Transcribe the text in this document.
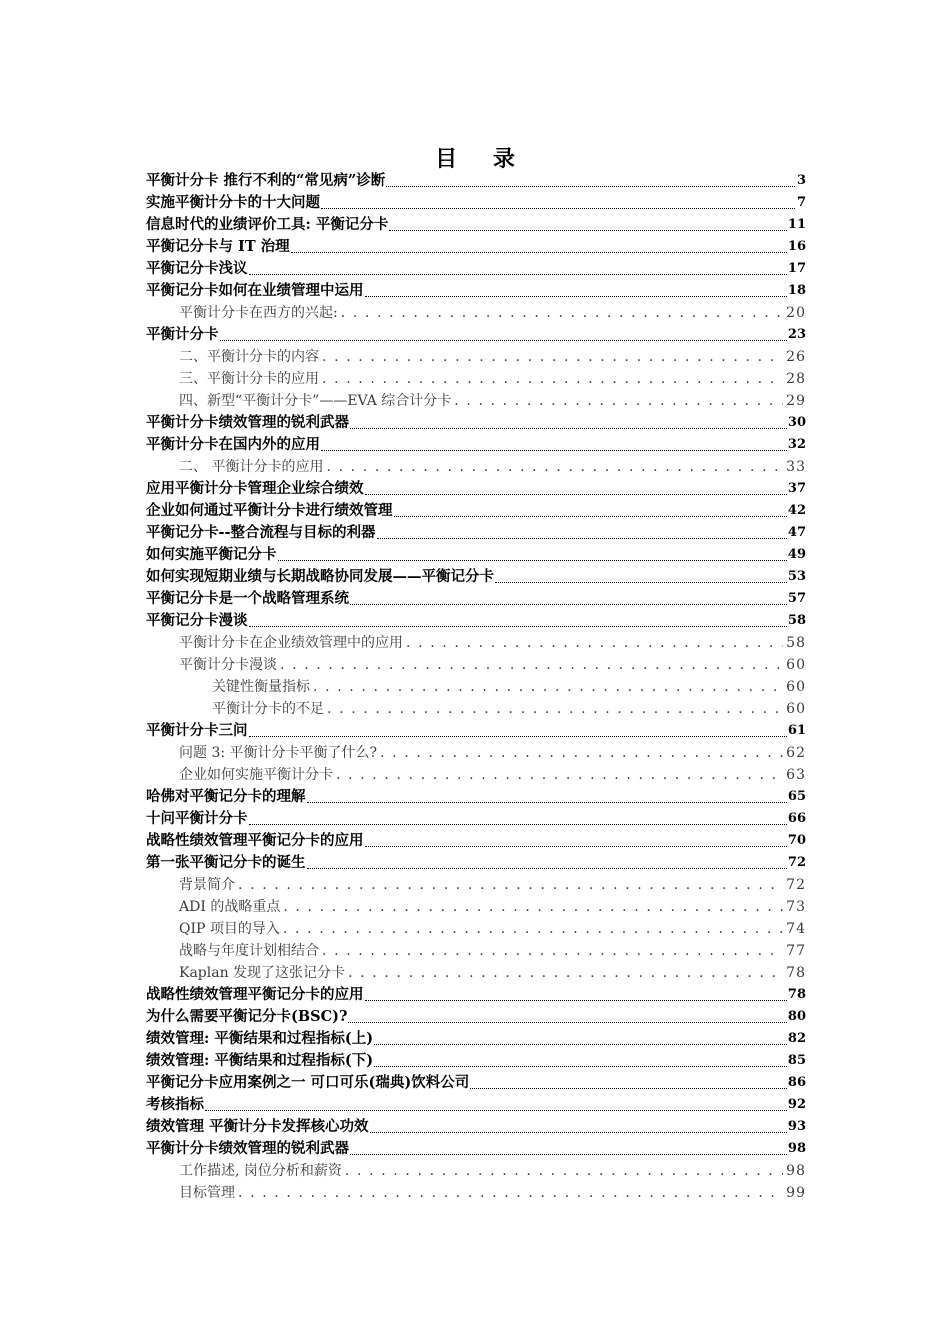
目 录
平衡计分卡 推行不利的“常见病”诊断	3
实施平衡计分卡的十大问题	7
信息时代的业绩评价工具: 平衡记分卡	11
平衡记分卡与 IT 治理	16
平衡记分卡浅议	17
平衡记分卡如何在业绩管理中运用	18
平衡计分卡在西方的兴起: . . .	20
平衡计分卡	23
二、平衡计分卡的内容 . . .	26
三、平衡计分卡的应用 . . .	28
四、新型“平衡计分卡”——EVA 综合计分卡 . . .	29
平衡计分卡绩效管理的锐利武器	30
平衡计分卡在国内外的应用	32
二、 平衡计分卡的应用 . . .	33
应用平衡计分卡管理企业综合绩效	37
企业如何通过平衡计分卡进行绩效管理	42
平衡记分卡--整合流程与目标的利器	47
如何实施平衡记分卡	49
如何实现短期业绩与长期战略协同发展——平衡记分卡	53
平衡记分卡是一个战略管理系统	57
平衡记分卡漫谈	58
平衡计分卡在企业绩效管理中的应用 . . .	58
平衡计分卡漫谈 . . .	60
关键性衡量指标 . . .	60
平衡计分卡的不足 . . .	60
平衡计分卡三问	61
问题 3: 平衡计分卡平衡了什么? . . .	62
企业如何实施平衡计分卡 . . .	63
哈佛对平衡记分卡的理解	65
十问平衡计分卡	66
战略性绩效管理平衡记分卡的应用	70
第一张平衡记分卡的诞生	72
背景简介 . . .	72
ADI 的战略重点 . . .	73
QIP 项目的导入 . . .	74
战略与年度计划相结合 . . .	77
Kaplan 发现了这张记分卡 . . .	78
战略性绩效管理平衡记分卡的应用	78
为什么需要平衡记分卡(BSC)?	80
绩效管理: 平衡结果和过程指标(上)	82
绩效管理: 平衡结果和过程指标(下)	85
平衡记分卡应用案例之一 可口可乐(瑞典)饮料公司	86
考核指标	92
绩效管理 平衡计分卡发挥核心功效	93
平衡计分卡绩效管理的锐利武器	98
工作描述, 岗位分析和薪资 . . .	98
目标管理 . . .	99
